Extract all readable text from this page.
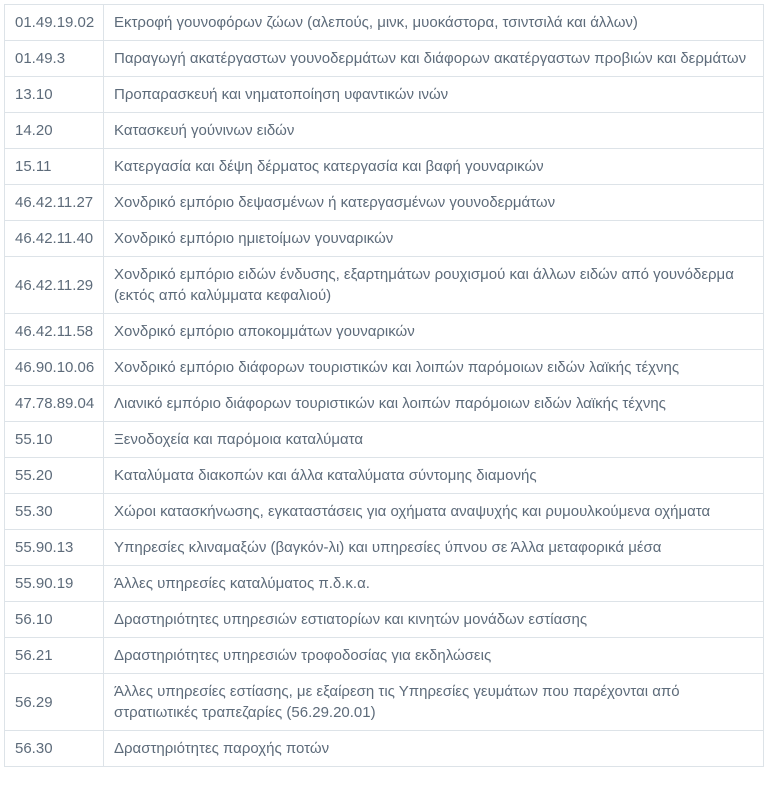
01.49.19.02	Εκτροφή γουνοφόρων ζώων (αλεπούς, μινκ, μυοκάστορα, τσιντσιλά και άλλων)
01.49.3	Παραγωγή ακατέργαστων γουνοδερμάτων και διάφορων ακατέργαστων προβιών και δερμάτων
13.10	Προπαρασκευή και νηματοποίηση υφαντικών ινών
14.20	Κατασκευή γούνινων ειδών
15.11	Κατεργασία και δέψη δέρματος κατεργασία και βαφή γουναρικών
46.42.11.27	Χονδρικό εμπόριο δεψασμένων ή κατεργασμένων γουνοδερμάτων
46.42.11.40	Χονδρικό εμπόριο ημιετοίμων γουναρικών
46.42.11.29	Χονδρικό εμπόριο ειδών ένδυσης, εξαρτημάτων ρουχισμού και άλλων ειδών από γουνόδερμα (εκτός από καλύμματα κεφαλιού)
46.42.11.58	Χονδρικό εμπόριο αποκομμάτων γουναρικών
46.90.10.06	Χονδρικό εμπόριο διάφορων τουριστικών και λοιπών παρόμοιων ειδών λαϊκής τέχνης
47.78.89.04	Λιανικό εμπόριο διάφορων τουριστικών και λοιπών παρόμοιων ειδών λαϊκής τέχνης
55.10	Ξενοδοχεία και παρόμοια καταλύματα
55.20	Καταλύματα διακοπών και άλλα καταλύματα σύντομης διαμονής
55.30	Χώροι κατασκήνωσης, εγκαταστάσεις για οχήματα αναψυχής και ρυμουλκούμενα οχήματα
55.90.13	Υπηρεσίες κλιναμαξών (βαγκόν-λι) και υπηρεσίες ύπνου σε Άλλα μεταφορικά μέσα
55.90.19	Άλλες υπηρεσίες καταλύματος π.δ.κ.α.
56.10	Δραστηριότητες υπηρεσιών εστιατορίων και κινητών μονάδων εστίασης
56.21	Δραστηριότητες υπηρεσιών τροφοδοσίας για εκδηλώσεις
56.29	Άλλες υπηρεσίες εστίασης, με εξαίρεση τις Υπηρεσίες γευμάτων που παρέχονται από στρατιωτικές τραπεζαρίες (56.29.20.01)
56.30	Δραστηριότητες παροχής ποτών
